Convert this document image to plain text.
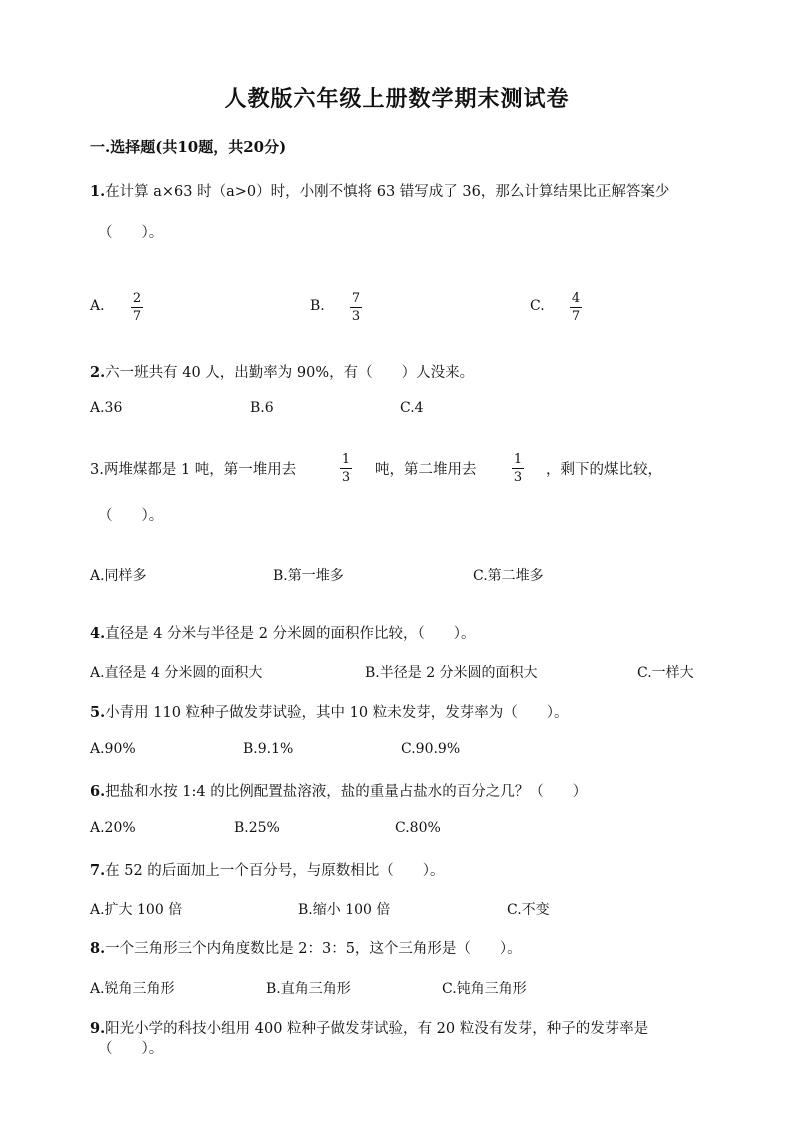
人教版六年级上册数学期末测试卷
一.选择题(共10题，共20分)
1.在计算 a×63 时（a>0）时，小刚不慎将 63 错写成了 36，那么计算结果比正解答案少
（　　）。
A. 2
7
B. 7
3
C. 4
7
2.六一班共有 40 人，出勤率为 90%，有（　　）人没来。
A.36	B.6	C.4
3.两堆煤都是 1 吨，第一堆用去
1
3 吨，第二堆用去
1
3 ，剩下的煤比较，
（　　）。
A.同样多	B.第一堆多	C.第二堆多
4.直径是 4 分米与半径是 2 分米圆的面积作比较，（　　）。
A.直径是 4 分米圆的面积大	B.半径是 2 分米圆的面积大	C.一样大
5.小青用 110 粒种子做发芽试验，其中 10 粒未发芽，发芽率为（　　）。
A.90%	B.9.1%	C.90.9%
6.把盐和水按 1:4 的比例配置盐溶液，盐的重量占盐水的百分之几？（　　）
A.20%	B.25%	C.80%
7.在 52 的后面加上一个百分号，与原数相比（　　）。
A.扩大 100 倍	B.缩小 100 倍	C.不变
8.一个三角形三个内角度数比是 2：3：5，这个三角形是（　　）。
A.锐角三角形	B.直角三角形	C.钝角三角形
9.阳光小学的科技小组用 400 粒种子做发芽试验，有 20 粒没有发芽，种子的发芽率是
（　　）。
